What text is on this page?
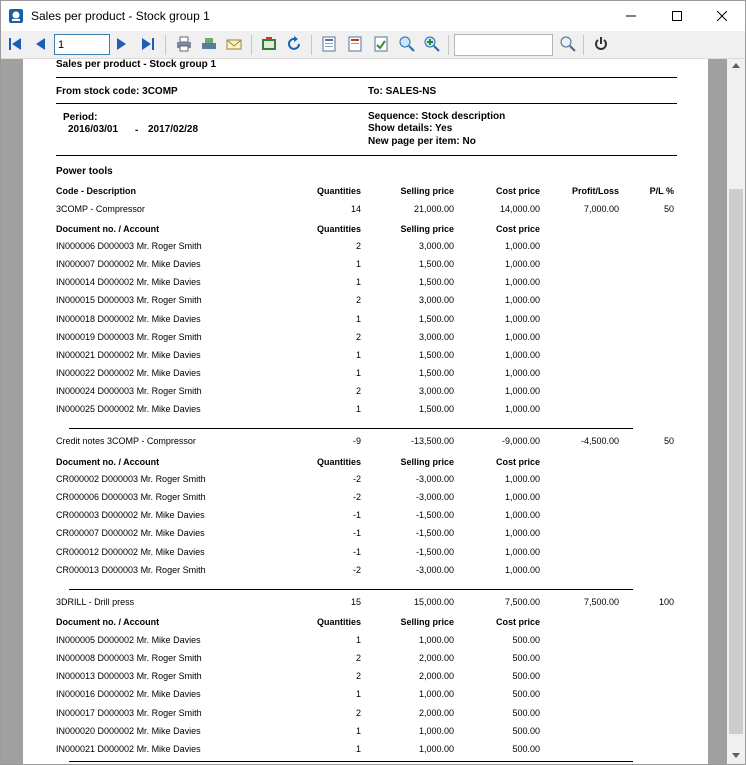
Sales per product - Stock group 1
1
Sales per product - Stock group 1
From stock code: 3COMP	To: SALES-NS
Period:
2016/03/01 - 2017/02/28
Sequence: Stock description
Show details: Yes
New page per item: No
Power tools
Code - Description	Quantities	Selling price	Cost price	Profit/Loss	P/L %
3COMP - Compressor	14	21,000.00	14,000.00	7,000.00	50
Document no. / Account	Quantities	Selling price	Cost price
IN000006 D000003 Mr. Roger Smith	2	3,000.00	1,000.00
IN000007 D000002 Mr. Mike Davies	1	1,500.00	1,000.00
IN000014 D000002 Mr. Mike Davies	1	1,500.00	1,000.00
IN000015 D000003 Mr. Roger Smith	2	3,000.00	1,000.00
IN000018 D000002 Mr. Mike Davies	1	1,500.00	1,000.00
IN000019 D000003 Mr. Roger Smith	2	3,000.00	1,000.00
IN000021 D000002 Mr. Mike Davies	1	1,500.00	1,000.00
IN000022 D000002 Mr. Mike Davies	1	1,500.00	1,000.00
IN000024 D000003 Mr. Roger Smith	2	3,000.00	1,000.00
IN000025 D000002 Mr. Mike Davies	1	1,500.00	1,000.00
Credit notes 3COMP - Compressor	-9	-13,500.00	-9,000.00	-4,500.00	50
Document no. / Account	Quantities	Selling price	Cost price
CR000002 D000003 Mr. Roger Smith	-2	-3,000.00	1,000.00
CR000006 D000003 Mr. Roger Smith	-2	-3,000.00	1,000.00
CR000003 D000002 Mr. Mike Davies	-1	-1,500.00	1,000.00
CR000007 D000002 Mr. Mike Davies	-1	-1,500.00	1,000.00
CR000012 D000002 Mr. Mike Davies	-1	-1,500.00	1,000.00
CR000013 D000003 Mr. Roger Smith	-2	-3,000.00	1,000.00
3DRILL - Drill press	15	15,000.00	7,500.00	7,500.00	100
Document no. / Account	Quantities	Selling price	Cost price
IN000005 D000002 Mr. Mike Davies	1	1,000.00	500.00
IN000008 D000003 Mr. Roger Smith	2	2,000.00	500.00
IN000013 D000003 Mr. Roger Smith	2	2,000.00	500.00
IN000016 D000002 Mr. Mike Davies	1	1,000.00	500.00
IN000017 D000003 Mr. Roger Smith	2	2,000.00	500.00
IN000020 D000002 Mr. Mike Davies	1	1,000.00	500.00
IN000021 D000002 Mr. Mike Davies	1	1,000.00	500.00
